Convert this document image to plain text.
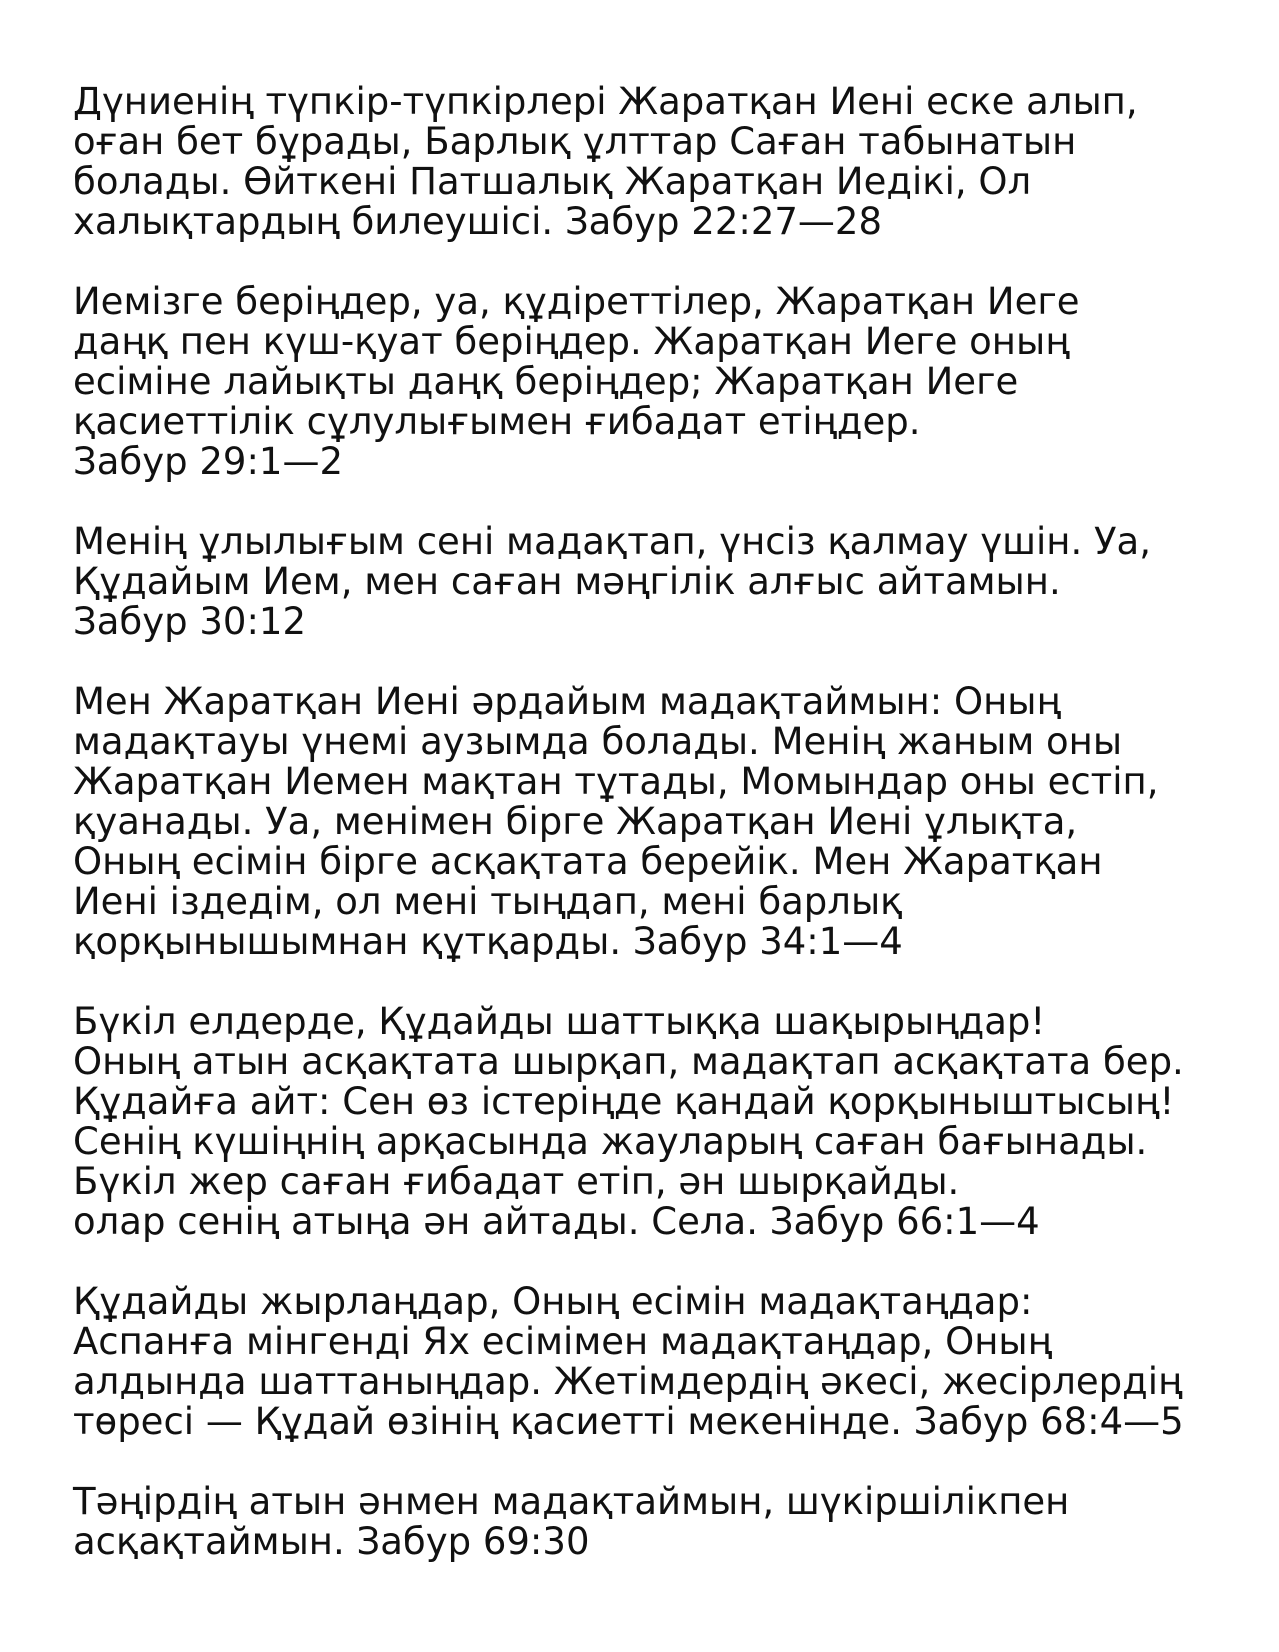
Дүниенің түпкір-түпкірлері Жаратқан Иені еске алып,
оған бет бұрады, Барлық ұлттар Саған табынатын
болады. Өйткені Патшалық Жаратқан Иедікі, Ол
халықтардың билеушісі. Забур 22:27—28
Иемізге беріңдер, уа, құдіреттілер, Жаратқан Иеге
даңқ пен күш-қуат беріңдер. Жаратқан Иеге оның
есіміне лайықты даңқ беріңдер; Жаратқан Иеге
қасиеттілік сұлулығымен ғибадат етіңдер.
Забур 29:1—2
Менің ұлылығым сені мадақтап, үнсіз қалмау үшін. Уа,
Құдайым Ием, мен саған мәңгілік алғыс айтамын.
Забур 30:12
Мен Жаратқан Иені әрдайым мадақтаймын: Оның
мадақтауы үнемі аузымда болады. Менің жаным оны
Жаратқан Иемен мақтан тұтады, Момындар оны естіп,
қуанады. Уа, менімен бірге Жаратқан Иені ұлықта,
Оның есімін бірге асқақтата берейік. Мен Жаратқан
Иені іздедім, ол мені тыңдап, мені барлық
қорқынышымнан құтқарды. Забур 34:1—4
Бүкіл елдерде, Құдайды шаттыққа шақырыңдар!
Оның атын асқақтата шырқап, мадақтап асқақтата бер.
Құдайға айт: Сен өз істеріңде қандай қорқыныштысың!
Сенің күшіңнің арқасында жауларың саған бағынады.
Бүкіл жер саған ғибадат етіп, ән шырқайды.
олар сенің атыңа ән айтады. Села. Забур 66:1—4
Құдайды жырлаңдар, Оның есімін мадақтаңдар:
Аспанға мінгенді Ях есімімен мадақтаңдар, Оның
алдында шаттаныңдар. Жетімдердің әкесі, жесірлердің
төресі — Құдай өзінің қасиетті мекенінде. Забур 68:4—5
Тәңірдің атын әнмен мадақтаймын, шүкіршілікпен
асқақтаймын. Забур 69:30
